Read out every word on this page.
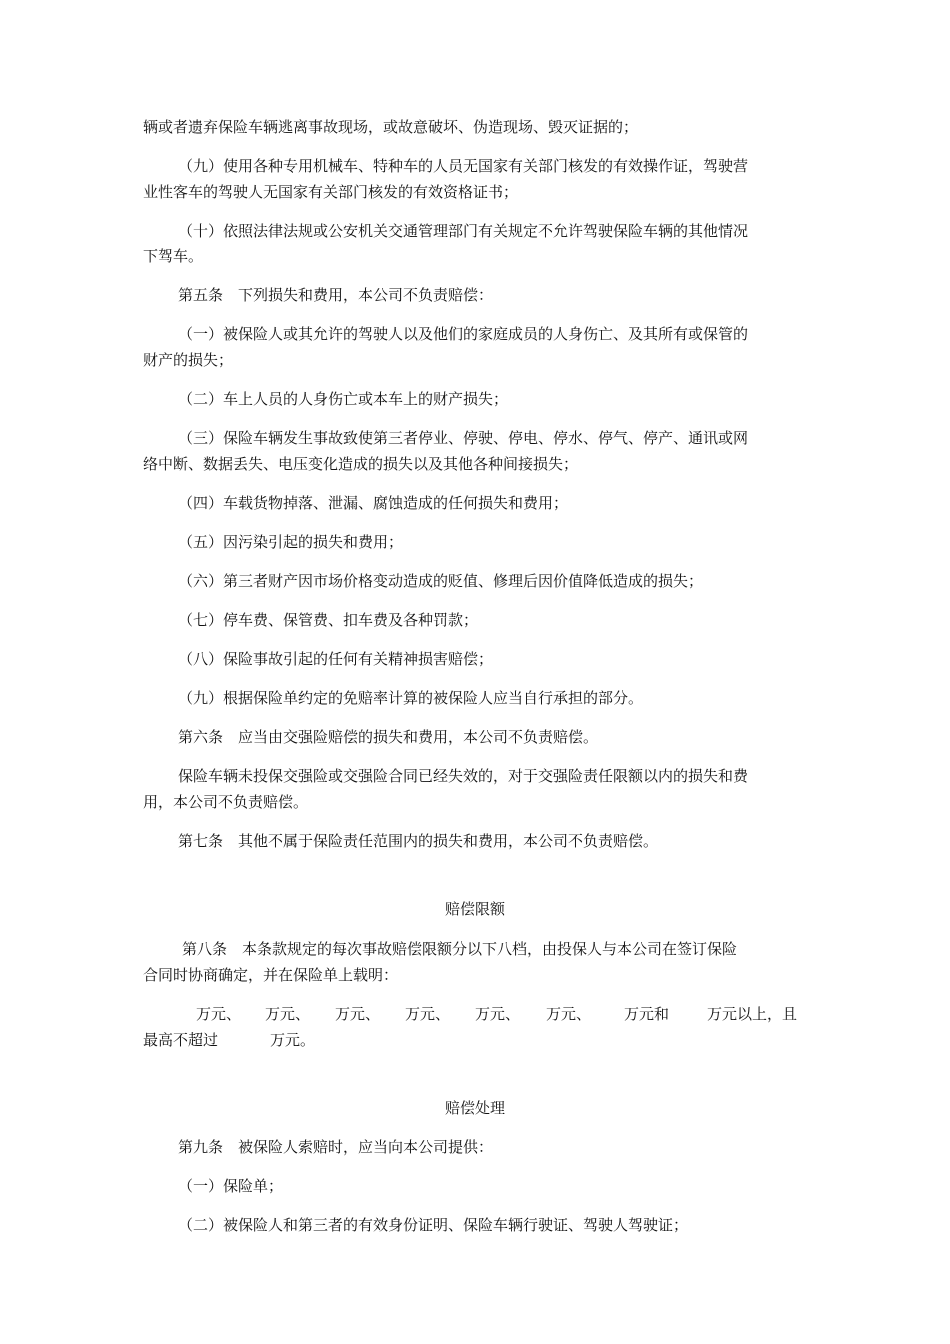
辆或者遗弃保险车辆逃离事故现场，或故意破坏、伪造现场、毁灭证据的；
（九）使用各种专用机械车、特种车的人员无国家有关部门核发的有效操作证，驾驶营
业性客车的驾驶人无国家有关部门核发的有效资格证书；
（十）依照法律法规或公安机关交通管理部门有关规定不允许驾驶保险车辆的其他情况
下驾车。
第五条　下列损失和费用，本公司不负责赔偿：
（一）被保险人或其允许的驾驶人以及他们的家庭成员的人身伤亡、及其所有或保管的
财产的损失；
（二）车上人员的人身伤亡或本车上的财产损失；
（三）保险车辆发生事故致使第三者停业、停驶、停电、停水、停气、停产、通讯或网
络中断、数据丢失、电压变化造成的损失以及其他各种间接损失；
（四）车载货物掉落、泄漏、腐蚀造成的任何损失和费用；
（五）因污染引起的损失和费用；
（六）第三者财产因市场价格变动造成的贬值、修理后因价值降低造成的损失；
（七）停车费、保管费、扣车费及各种罚款；
（八）保险事故引起的任何有关精神损害赔偿；
（九）根据保险单约定的免赔率计算的被保险人应当自行承担的部分。
第六条　应当由交强险赔偿的损失和费用，本公司不负责赔偿。
保险车辆未投保交强险或交强险合同已经失效的，对于交强险责任限额以内的损失和费
用，本公司不负责赔偿。
第七条　其他不属于保险责任范围内的损失和费用，本公司不负责赔偿。
赔偿限额
第八条　本条款规定的每次事故赔偿限额分以下八档，由投保人与本公司在签订保险
合同时协商确定，并在保险单上载明：
万元、 万元、 万元、 万元、 万元、 万元、 万元和	万元以上，且
最高不超过	万元。
赔偿处理
第九条　被保险人索赔时，应当向本公司提供：
（一）保险单；
（二）被保险人和第三者的有效身份证明、保险车辆行驶证、驾驶人驾驶证；
